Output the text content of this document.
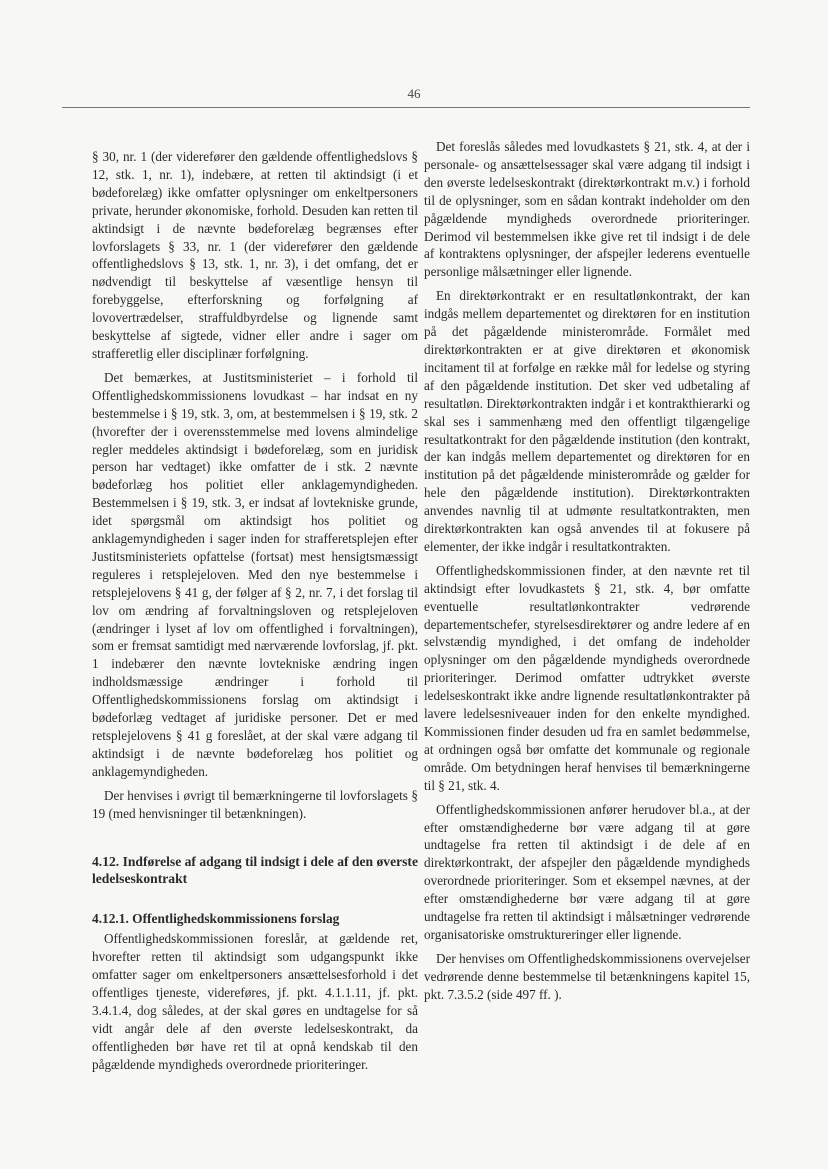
46

§ 30, nr. 1 (der viderefører den gældende offentlighedslovs § 12, stk. 1, nr. 1), indebære, at retten til aktindsigt (i et bødeforelæg) ikke omfatter oplysninger om enkeltpersoners private, herunder økonomiske, forhold. Desuden kan retten til aktindsigt i de nævnte bødeforelæg begrænses efter lovforslagets § 33, nr. 1 (der viderefører den gældende offentlighedslovs § 13, stk. 1, nr. 3), i det omfang, det er nødvendigt til beskyttelse af væsentlige hensyn til forebyggelse, efterforskning og forfølgning af lovovertrædelser, straffuldbyrdelse og lignende samt beskyttelse af sigtede, vidner eller andre i sager om strafferetlig eller disciplinær forfølgning.

Det bemærkes, at Justitsministeriet – i forhold til Offentlighedskommissionens lovudkast – har indsat en ny bestemmelse i § 19, stk. 3, om, at bestemmelsen i § 19, stk. 2 (hvorefter der i overensstemmelse med lovens almindelige regler meddeles aktindsigt i bødeforelæg, som en juridisk person har vedtaget) ikke omfatter de i stk. 2 nævnte bødeforlæg hos politiet eller anklagemyndigheden. Bestemmelsen i § 19, stk. 3, er indsat af lovtekniske grunde, idet spørgsmål om aktindsigt hos politiet og anklagemyndigheden i sager inden for strafferetsplejen efter Justitsministeriets opfattelse (fortsat) mest hensigtsmæssigt reguleres i retsplejeloven. Med den nye bestemmelse i retsplejelovens § 41 g, der følger af § 2, nr. 7, i det forslag til lov om ændring af forvaltningsloven og retsplejeloven (ændringer i lyset af lov om offentlighed i forvaltningen), som er fremsat samtidigt med nærværende lovforslag, jf. pkt. 1 indebærer den nævnte lovtekniske ændring ingen indholdsmæssige ændringer i forhold til Offentlighedskommissionens forslag om aktindsigt i bødeforlæg vedtaget af juridiske personer. Det er med retsplejelovens § 41 g foreslået, at der skal være adgang til aktindsigt i de nævnte bødeforelæg hos politiet og anklagemyndigheden.

Der henvises i øvrigt til bemærkningerne til lovforslagets § 19 (med henvisninger til betænkningen).

4.12. Indførelse af adgang til indsigt i dele af den øverste ledelseskontrakt
4.12.1. Offentlighedskommissionens forslag

Offentlighedskommissionen foreslår, at gældende ret, hvorefter retten til aktindsigt som udgangspunkt ikke omfatter sager om enkeltpersoners ansættelsesforhold i det offentliges tjeneste, videreføres, jf. pkt. 4.1.1.11, jf. pkt. 3.4.1.4, dog således, at der skal gøres en undtagelse for så vidt angår dele af den øverste ledelseskontrakt, da offentligheden bør have ret til at opnå kendskab til den pågældende myndigheds overordnede prioriteringer.

Det foreslås således med lovudkastets § 21, stk. 4, at der i personale- og ansættelsessager skal være adgang til indsigt i den øverste ledelseskontrakt (direktørkontrakt m.v.) i forhold til de oplysninger, som en sådan kontrakt indeholder om den pågældende myndigheds overordnede prioriteringer. Derimod vil bestemmelsen ikke give ret til indsigt i de dele af kontraktens oplysninger, der afspejler lederens eventuelle personlige målsætninger eller lignende.

En direktørkontrakt er en resultatlønkontrakt, der kan indgås mellem departementet og direktøren for en institution på det pågældende ministerområde. Formålet med direktørkontrakten er at give direktøren et økonomisk incitament til at forfølge en række mål for ledelse og styring af den pågældende institution. Det sker ved udbetaling af resultatløn. Direktørkontrakten indgår i et kontrakthierarki og skal ses i sammenhæng med den offentligt tilgængelige resultatkontrakt for den pågældende institution (den kontrakt, der kan indgås mellem departementet og direktøren for en institution på det pågældende ministerområde og gælder for hele den pågældende institution). Direktørkontrakten anvendes navnlig til at udmønte resultatkontrakten, men direktørkontrakten kan også anvendes til at fokusere på elementer, der ikke indgår i resultatkontrakten.

Offentlighedskommissionen finder, at den nævnte ret til aktindsigt efter lovudkastets § 21, stk. 4, bør omfatte eventuelle resultatlønkontrakter vedrørende departementschefer, styrelsesdirektører og andre ledere af en selvstændig myndighed, i det omfang de indeholder oplysninger om den pågældende myndigheds overordnede prioriteringer. Derimod omfatter udtrykket øverste ledelseskontrakt ikke andre lignende resultatlønkontrakter på lavere ledelsesniveauer inden for den enkelte myndighed. Kommissionen finder desuden ud fra en samlet bedømmelse, at ordningen også bør omfatte det kommunale og regionale område. Om betydningen heraf henvises til bemærkningerne til § 21, stk. 4.

Offentlighedskommissionen anfører herudover bl.a., at der efter omstændighederne bør være adgang til at gøre undtagelse fra retten til aktindsigt i de dele af en direktørkontrakt, der afspejler den pågældende myndigheds overordnede prioriteringer. Som et eksempel nævnes, at der efter omstændighederne bør være adgang til at gøre undtagelse fra retten til aktindsigt i målsætninger vedrørende organisatoriske omstruktureringer eller lignende.

Der henvises om Offentlighedskommissionens overvejelser vedrørende denne bestemmelse til betænkningens kapitel 15, pkt. 7.3.5.2 (side 497 ff. ).
